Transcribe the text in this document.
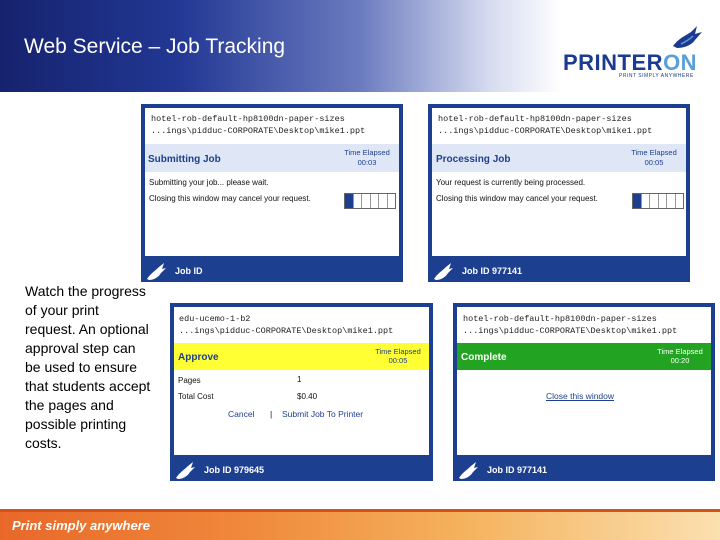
Web Service – Job Tracking
PRINTERON
PRINT SIMPLY ANYWHERE
hotel-rob-default-hp8100dn-paper-sizes
...ings\pidduc-CORPORATE\Desktop\mike1.ppt
Submitting Job
Time Elapsed
00:03
Submitting your job... please wait.
Closing this window may cancel your request.
Job ID
hotel-rob-default-hp8100dn-paper-sizes
...ings\pidduc-CORPORATE\Desktop\mike1.ppt
Processing Job
Time Elapsed
00:05
Your request is currently being processed.
Closing this window may cancel your request.
Job ID 977141
edu-ucemo-1-b2
...ings\pidduc-CORPORATE\Desktop\mike1.ppt
Approve
Time Elapsed
00:05
Pages	1
Total Cost	$0.40
Cancel | Submit Job To Printer
Job ID 979645
hotel-rob-default-hp8100dn-paper-sizes
...ings\pidduc-CORPORATE\Desktop\mike1.ppt
Complete
Time Elapsed
00:20
Close this window
Job ID 977141
Watch the progress of your print request. An optional approval step can be used to ensure that students accept the pages and possible printing costs.
Print simply anywhere
